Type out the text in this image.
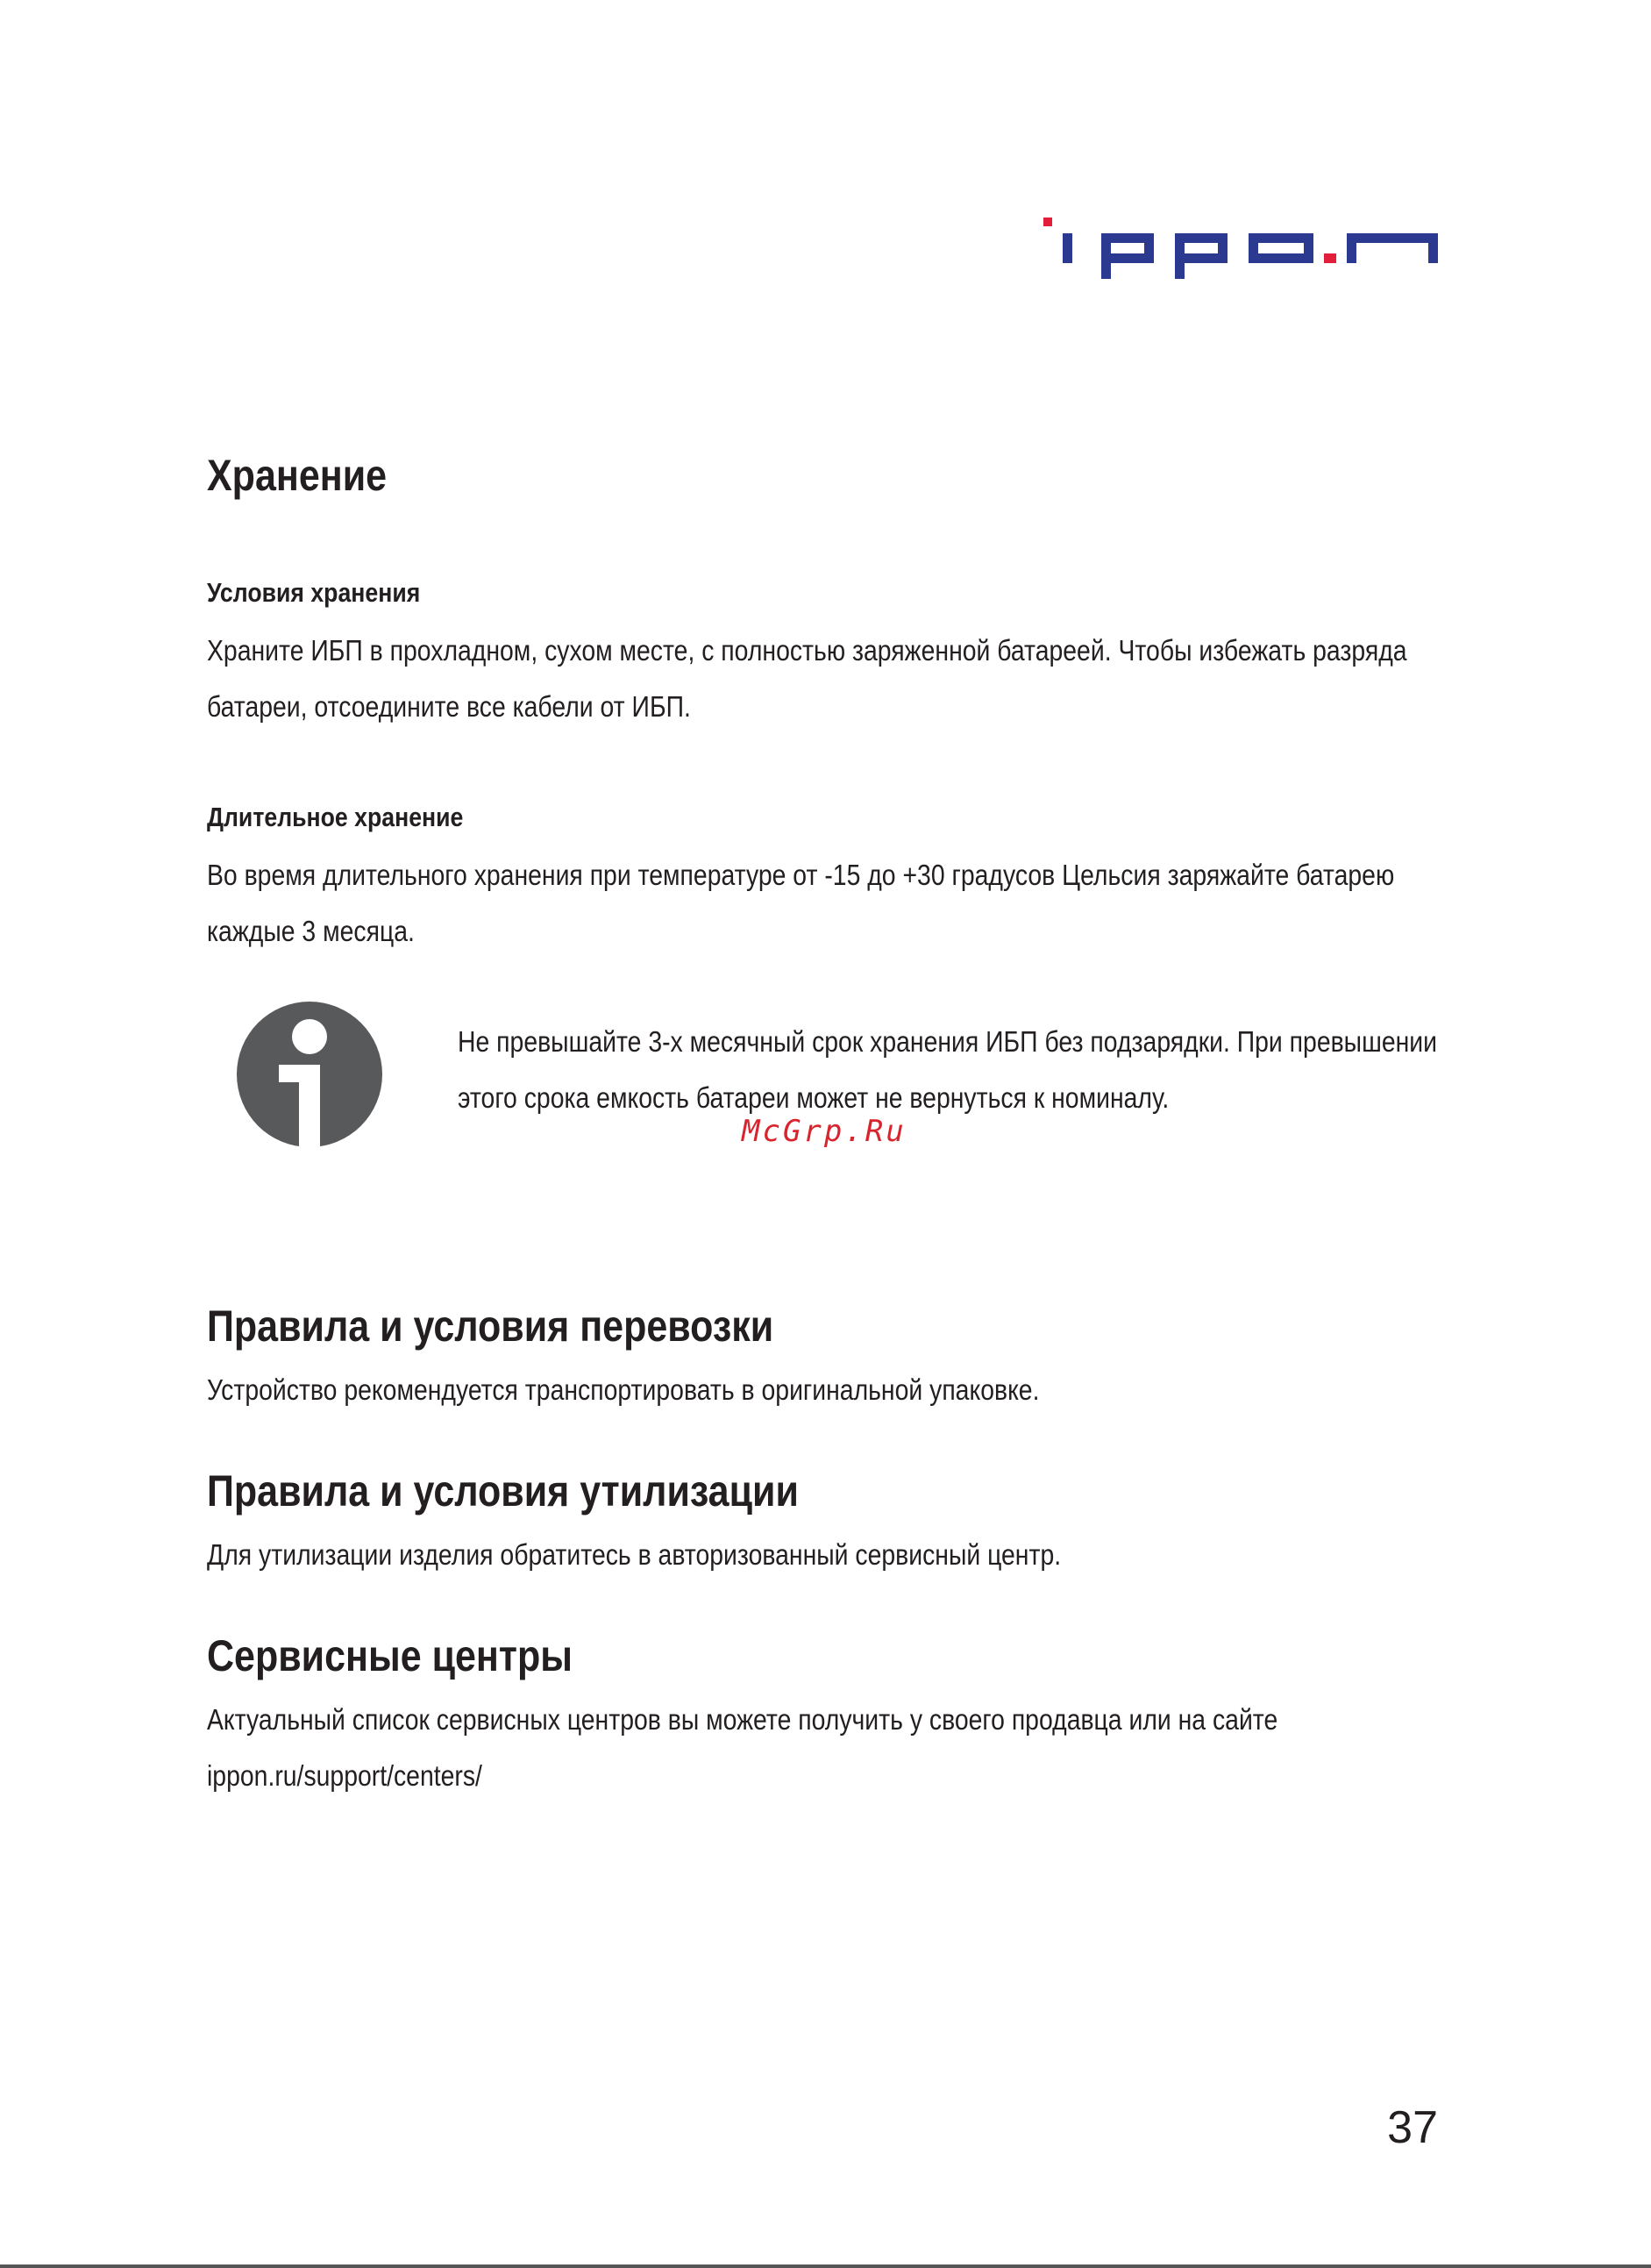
Хранение
Условия хранения
Храните ИБП в прохладном, сухом месте, с полностью заряженной батареей. Чтобы избежать разряда
батареи, отсоедините все кабели от ИБП.
Длительное хранение
Во время длительного хранения при температуре от -15 до +30 градусов Цельсия заряжайте батарею
каждые 3 месяца.
Не превышайте 3-х месячный срок хранения ИБП без подзарядки. При превышении
этого срока емкость батареи может не вернуться к номиналу.
McGrp.Ru
Правила и условия перевозки
Устройство рекомендуется транспортировать в оригинальной упаковке.
Правила и условия утилизации
Для утилизации изделия обратитесь в авторизованный сервисный центр.
Сервисные центры
Актуальный список сервисных центров вы можете получить у своего продавца или на сайте
ippon.ru/support/centers/
37
